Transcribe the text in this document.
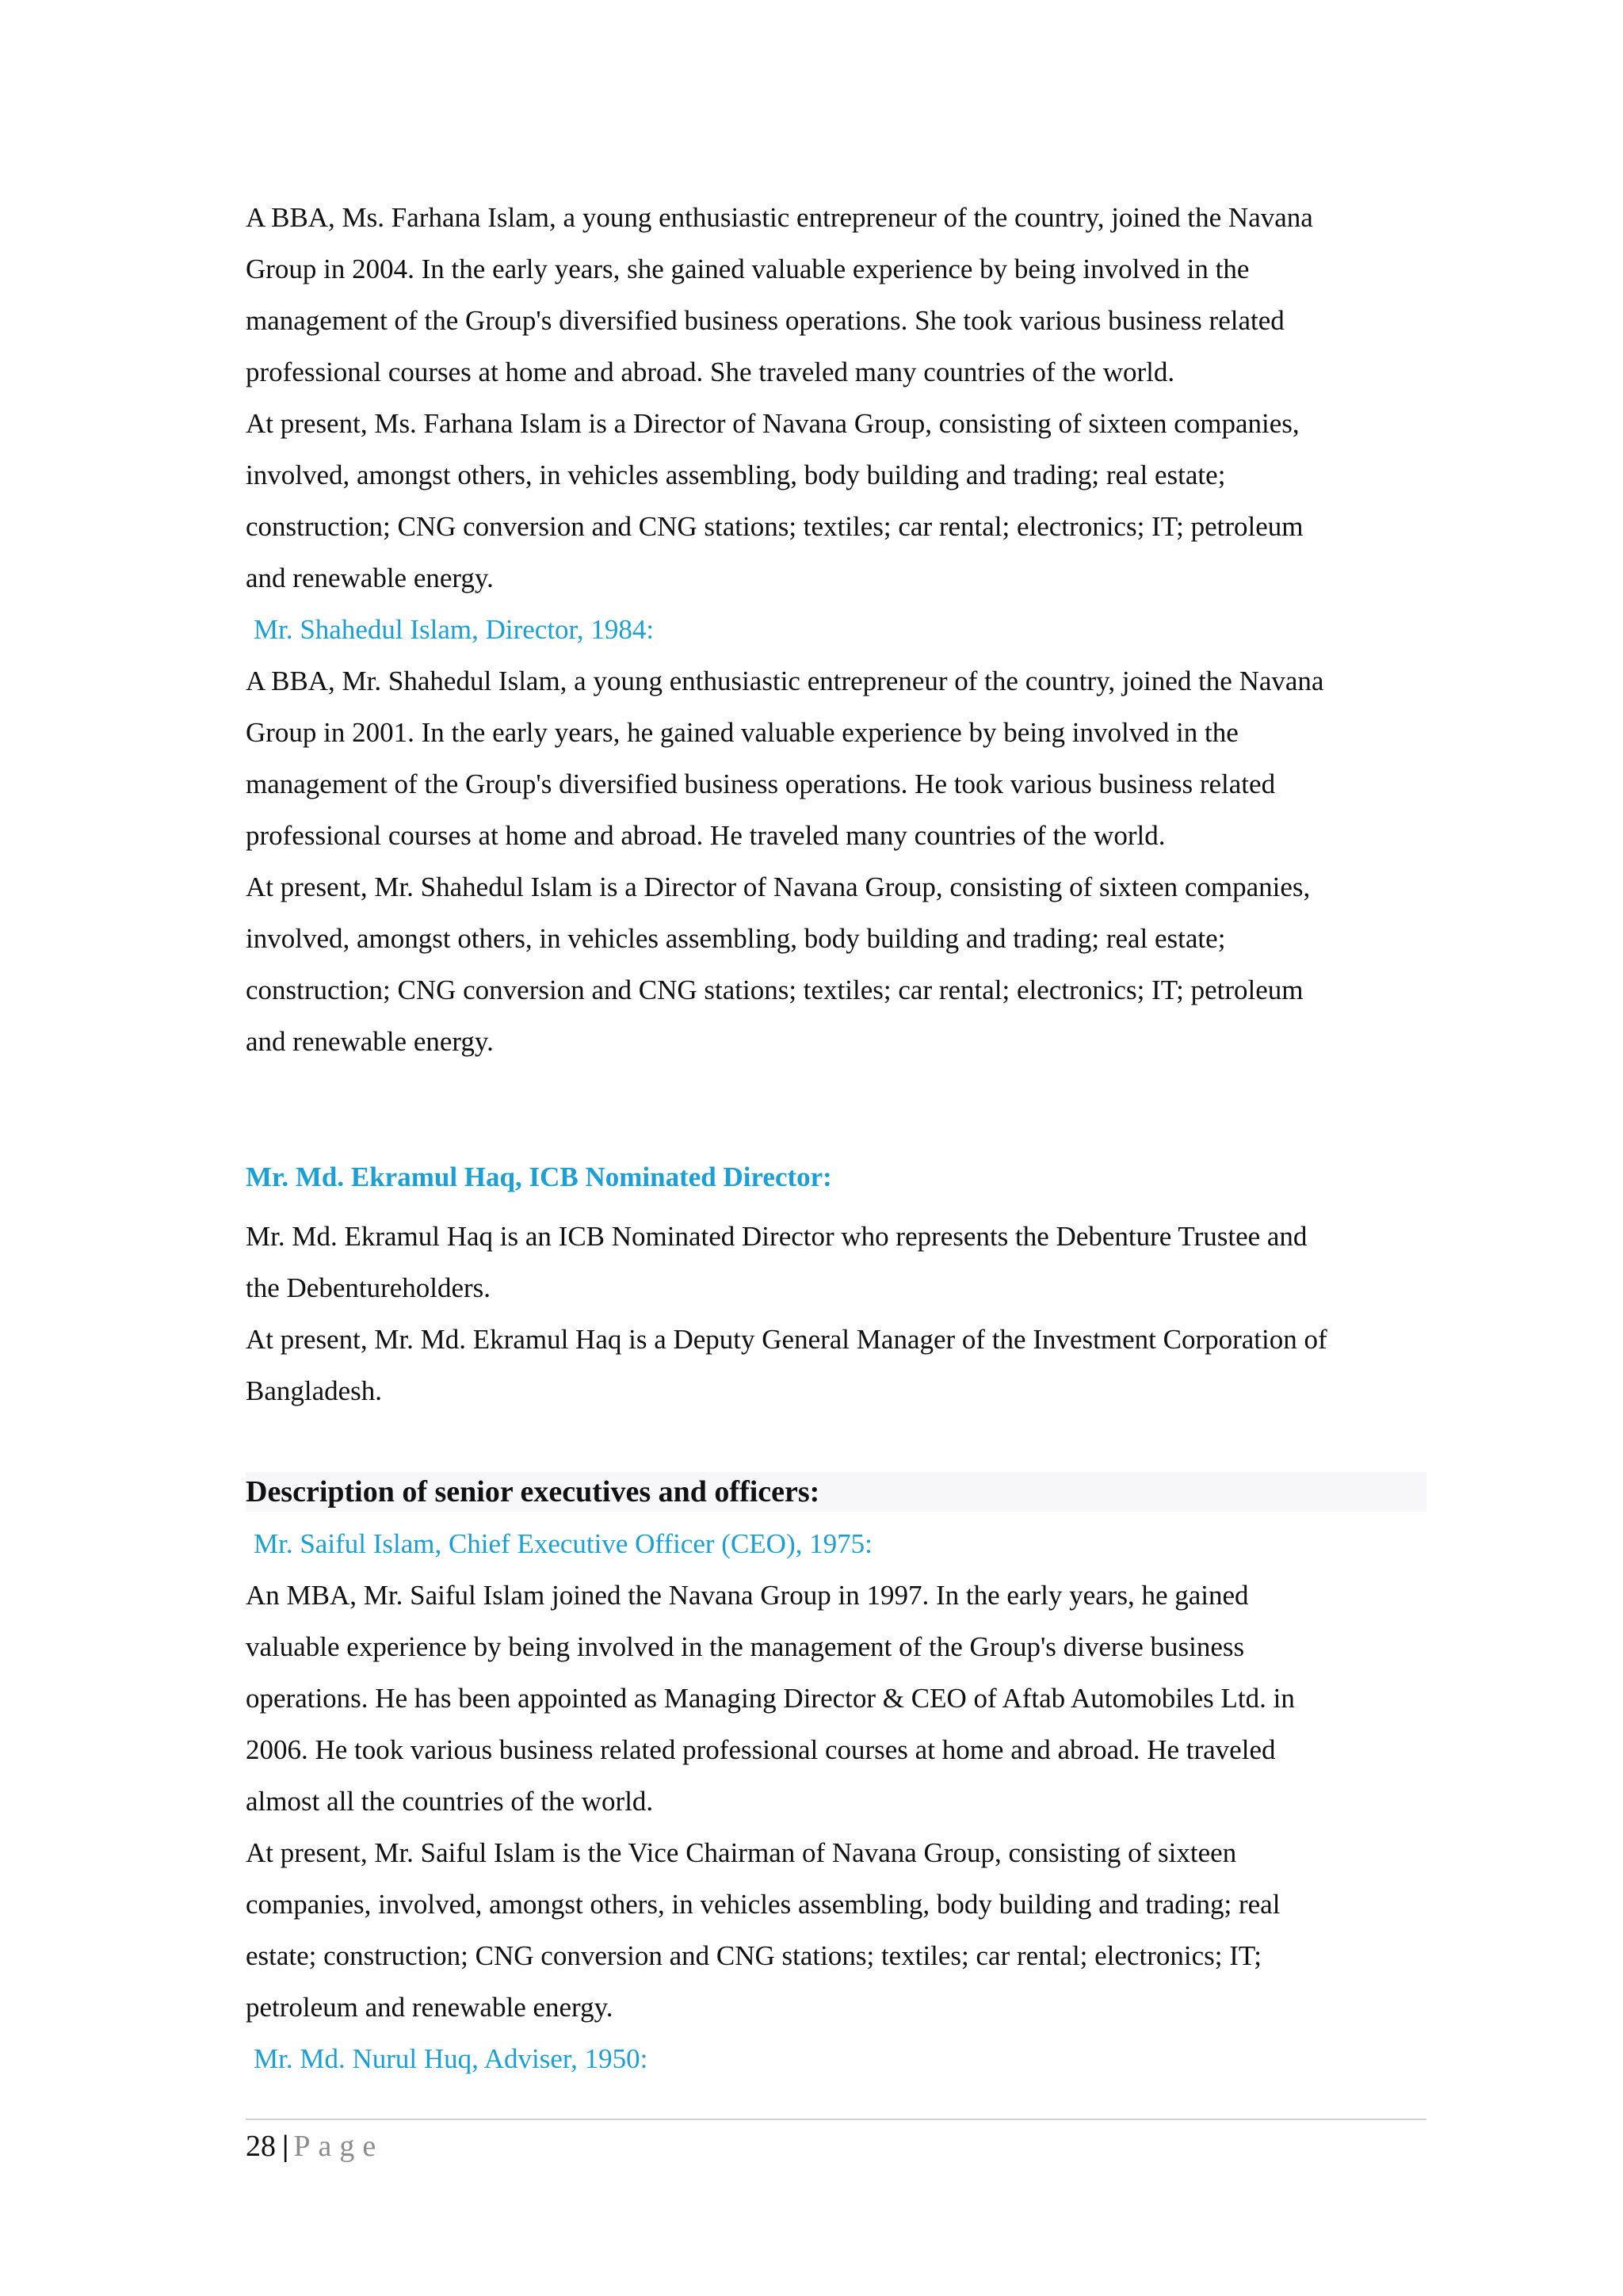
A BBA, Ms. Farhana Islam, a young enthusiastic entrepreneur of the country, joined the Navana

Group in 2004. In the early years, she gained valuable experience by being involved in the

management of the Group's diversified business operations. She took various business related

professional courses at home and abroad. She traveled many countries of the world.

At present, Ms. Farhana Islam is a Director of Navana Group, consisting of sixteen companies,

involved, amongst others, in vehicles assembling, body building and trading; real estate;

construction; CNG conversion and CNG stations; textiles; car rental; electronics; IT; petroleum

and renewable energy.

Mr. Shahedul Islam, Director, 1984:

A BBA, Mr. Shahedul Islam, a young enthusiastic entrepreneur of the country, joined the Navana

Group in 2001. In the early years, he gained valuable experience by being involved in the

management of the Group's diversified business operations. He took various business related

professional courses at home and abroad. He traveled many countries of the world.

At present, Mr. Shahedul Islam is a Director of Navana Group, consisting of sixteen companies,

involved, amongst others, in vehicles assembling, body building and trading; real estate;

construction; CNG conversion and CNG stations; textiles; car rental; electronics; IT; petroleum

and renewable energy.

Mr. Md. Ekramul Haq, ICB Nominated Director:

Mr. Md. Ekramul Haq is an ICB Nominated Director who represents the Debenture Trustee and

the Debentureholders.

At present, Mr. Md. Ekramul Haq is a Deputy General Manager of the Investment Corporation of

Bangladesh.

Description of senior executives and officers:

Mr. Saiful Islam, Chief Executive Officer (CEO), 1975:

An MBA, Mr. Saiful Islam joined the Navana Group in 1997. In the early years, he gained

valuable experience by being involved in the management of the Group's diverse business

operations. He has been appointed as Managing Director & CEO of Aftab Automobiles Ltd. in

2006. He took various business related professional courses at home and abroad. He traveled

almost all the countries of the world.

At present, Mr. Saiful Islam is the Vice Chairman of Navana Group, consisting of sixteen

companies, involved, amongst others, in vehicles assembling, body building and trading; real

estate; construction; CNG conversion and CNG stations; textiles; car rental; electronics; IT;

petroleum and renewable energy.

Mr. Md. Nurul Huq, Adviser, 1950:

28 | Page
